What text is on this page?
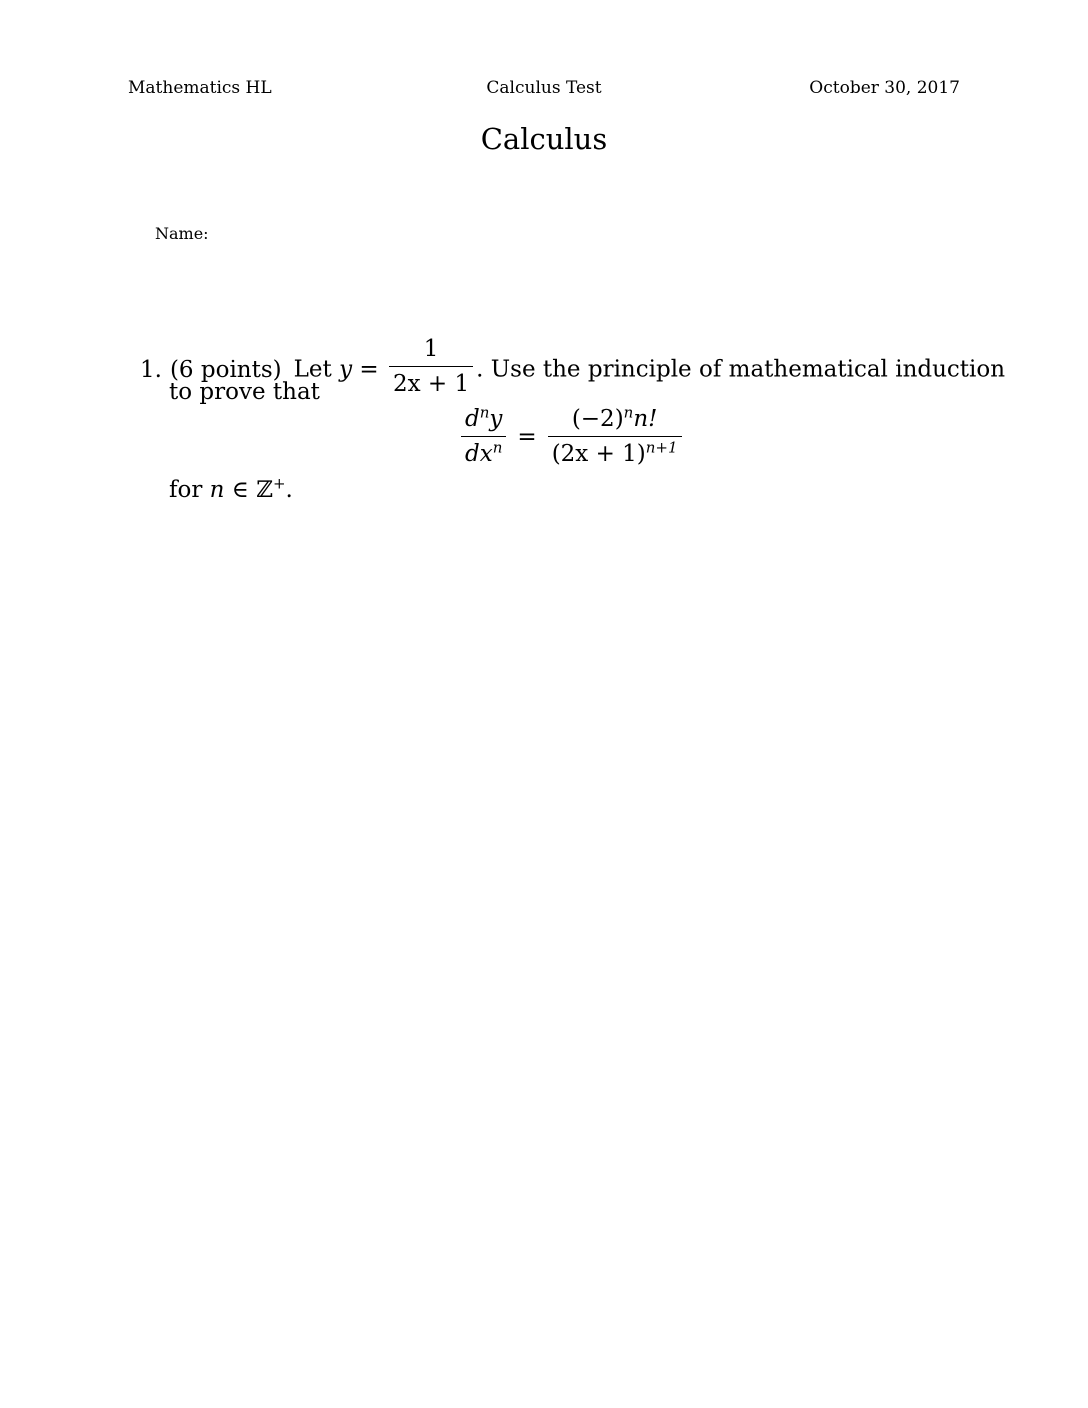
Mathematics HL	Calculus Test	October 30, 2017
Calculus
Name:
1. (6 points) Let $y = \frac{1}{2x + 1}$ . Use the principle of mathematical induction
to prove that
$\frac{d^ny}{dx^n} = \frac{(-2)^nn!}{(2x + 1)^{n+1}}$
for n ∈ ℤ+.
